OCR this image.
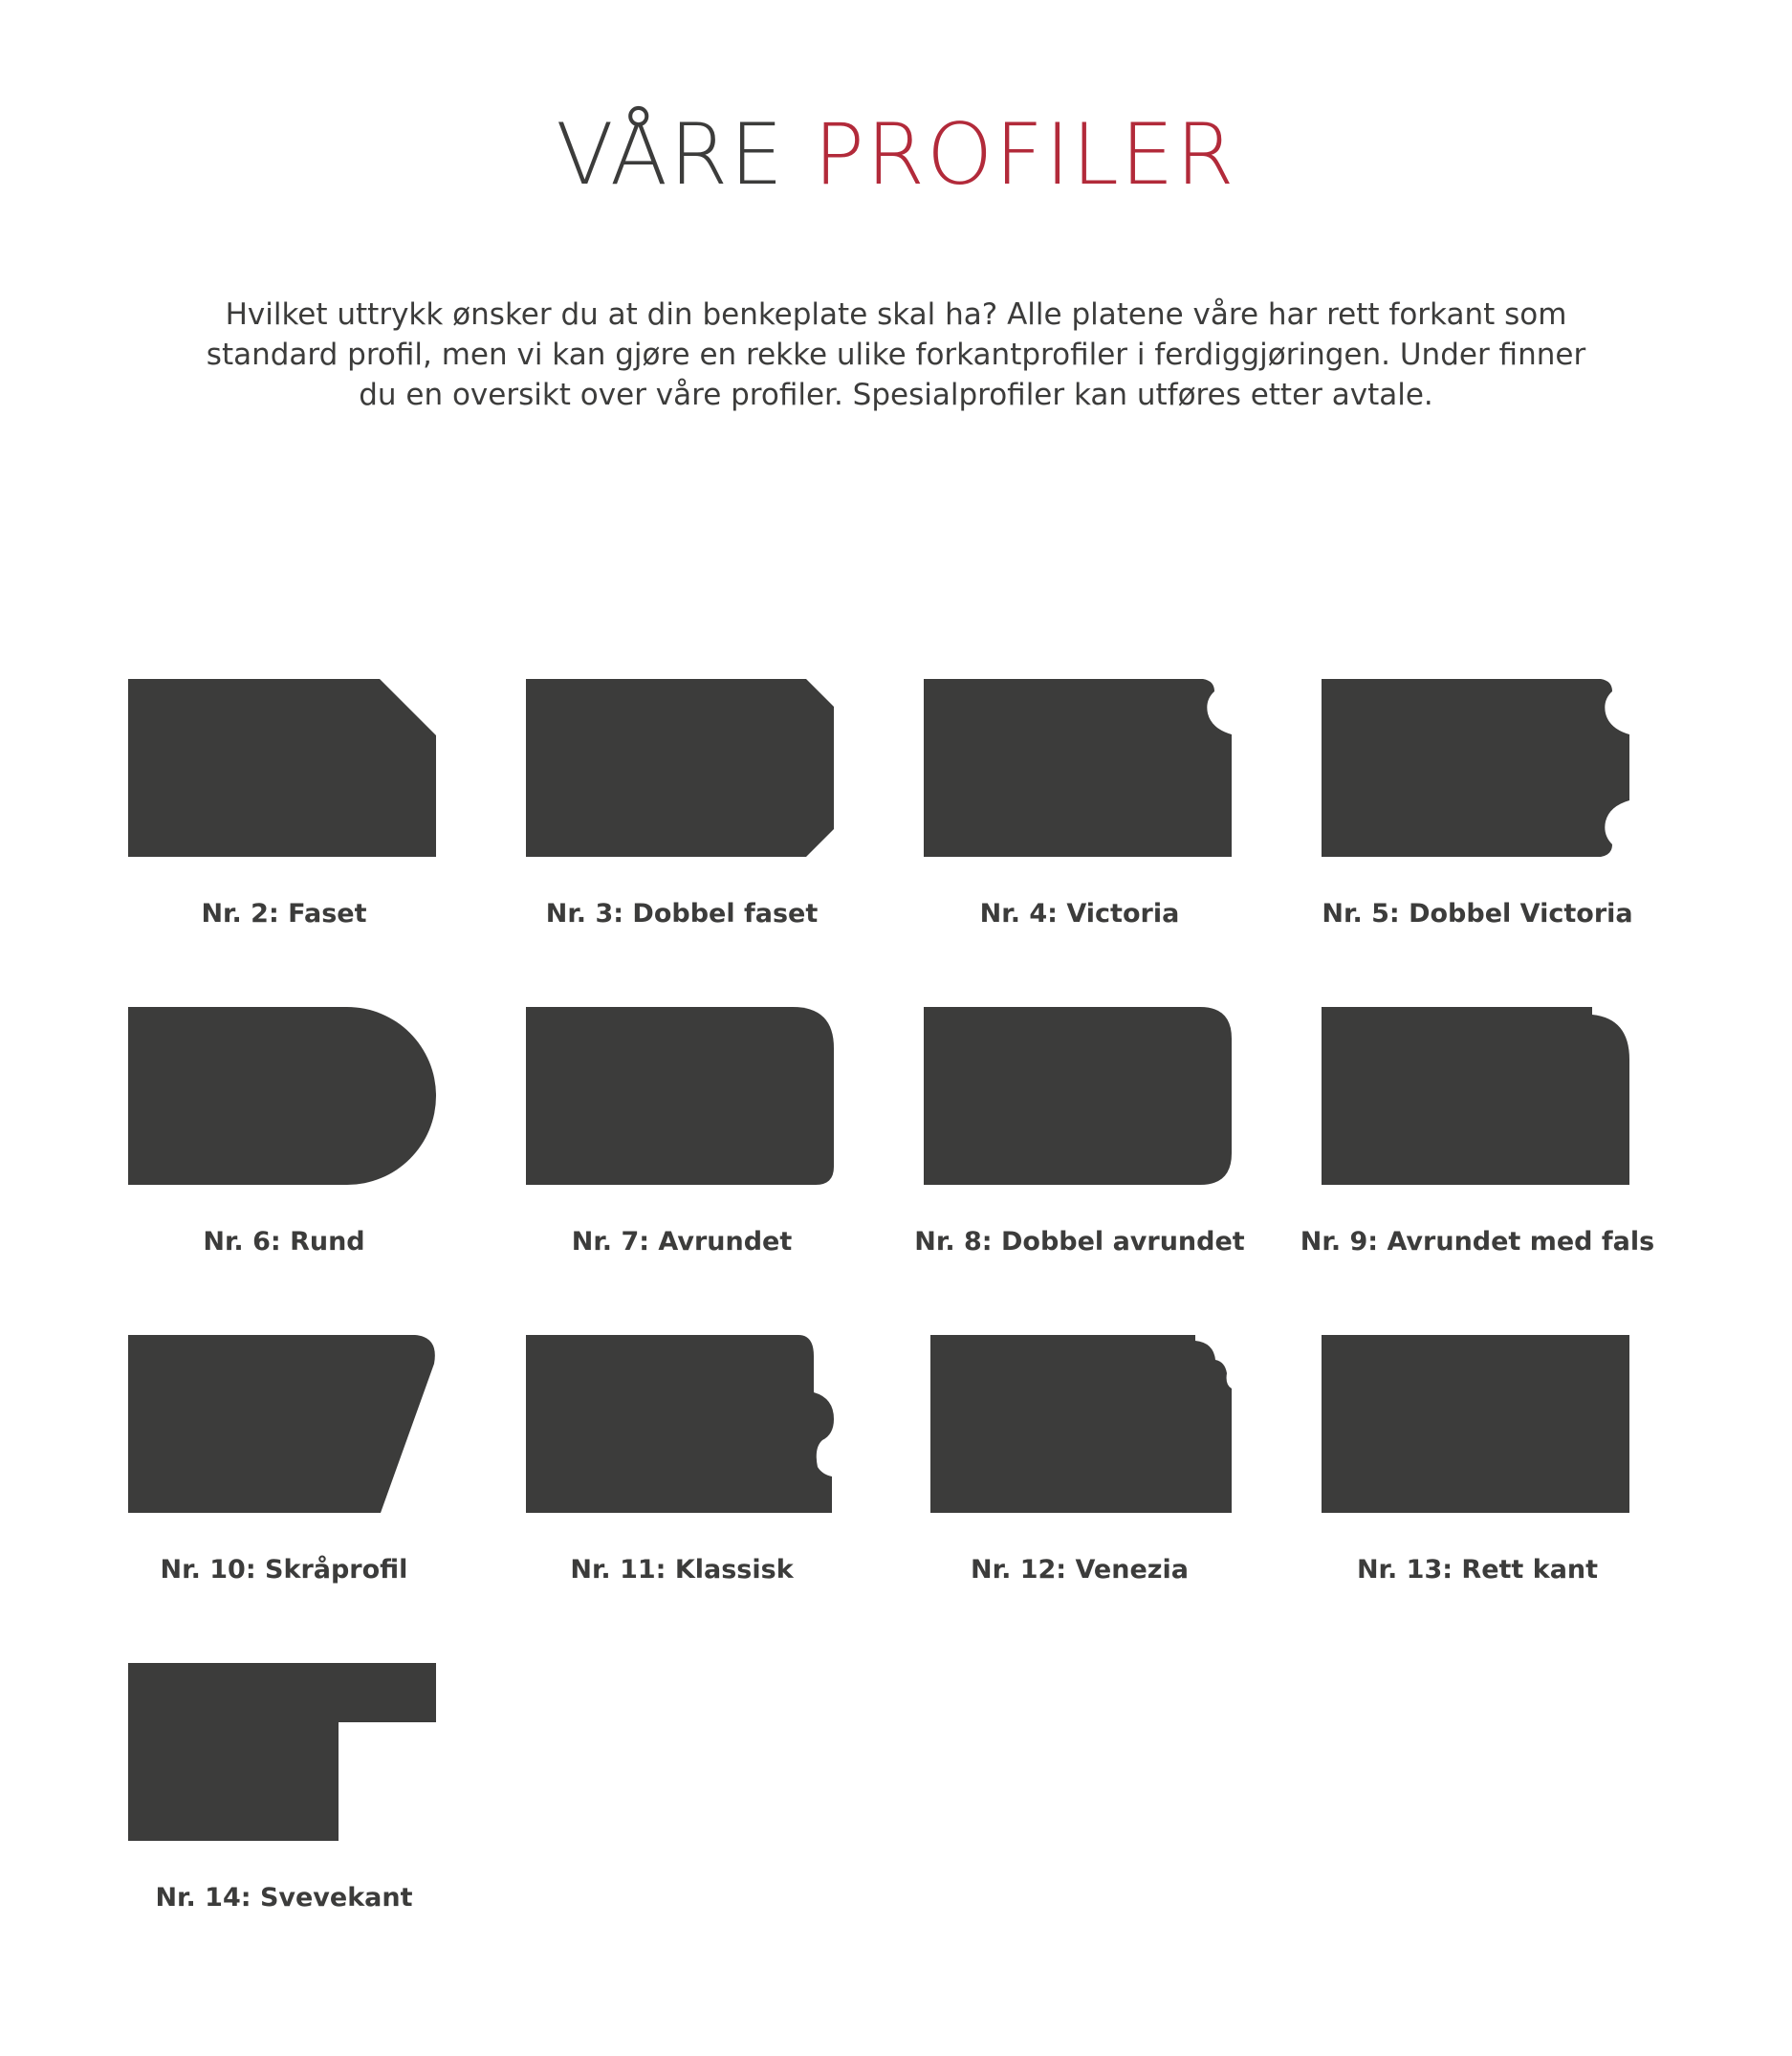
VÅRE PROFILER
Hvilket uttrykk ønsker du at din benkeplate skal ha? Alle platene våre har rett forkant som
standard profil, men vi kan gjøre en rekke ulike forkantprofiler i ferdiggjøringen. Under finner
du en oversikt over våre profiler. Spesialprofiler kan utføres etter avtale.
Nr. 2: Faset	Nr. 3: Dobbel faset	Nr. 4: Victoria	Nr. 5: Dobbel Victoria
Nr. 6: Rund	Nr. 7: Avrundet	Nr. 8: Dobbel avrundet	Nr. 9: Avrundet med fals
Nr. 10: Skråprofil	Nr. 11: Klassisk	Nr. 12: Venezia	Nr. 13: Rett kant
Nr. 14: Svevekant
